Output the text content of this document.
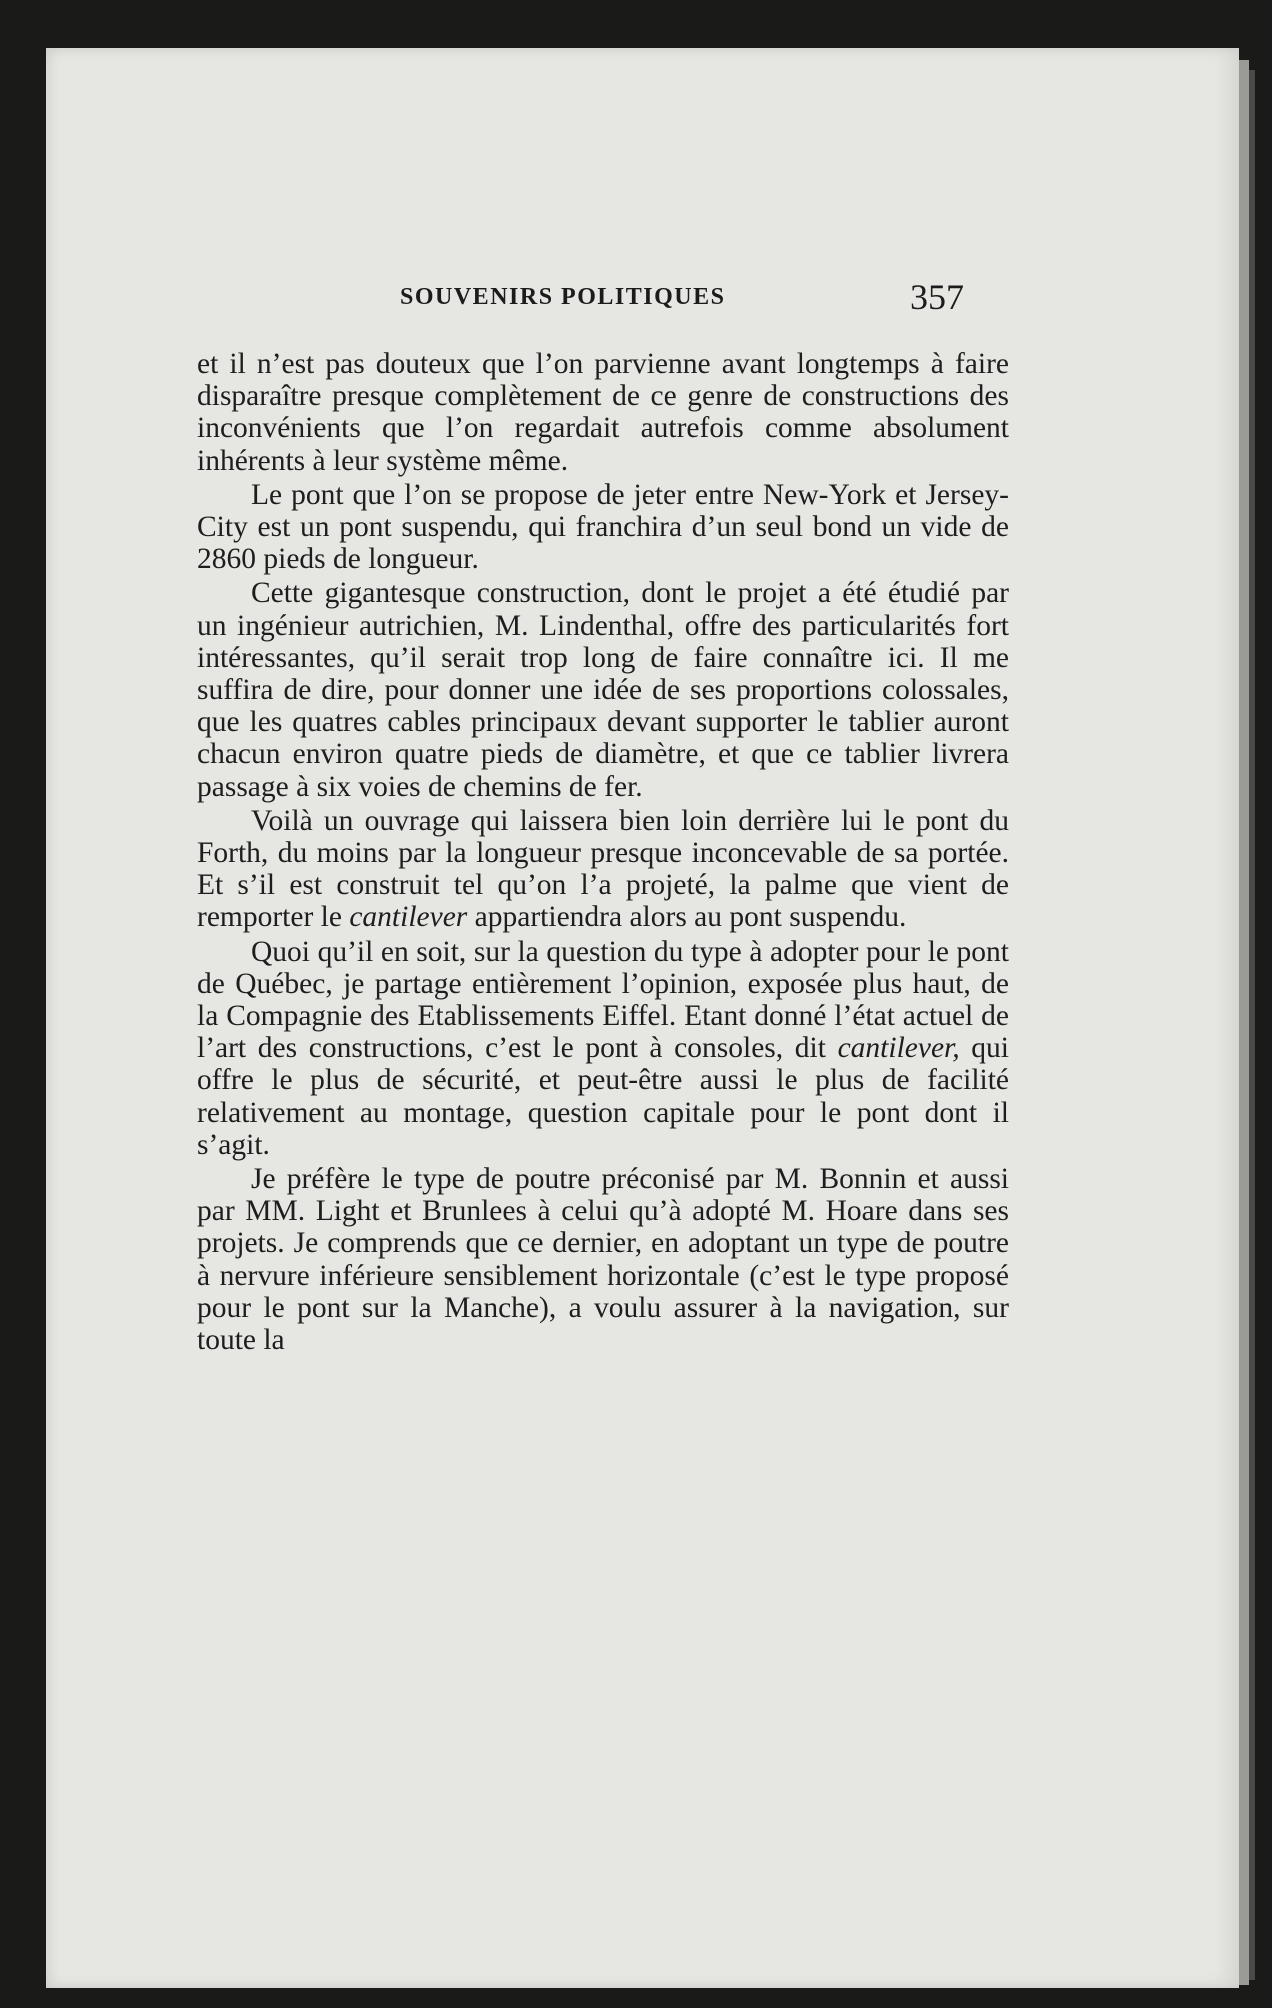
SOUVENIRS POLITIQUES	357

et il n’est pas douteux que l’on parvienne avant longtemps à faire disparaître presque complètement de ce genre de constructions des inconvénients que l’on regardait autrefois comme absolument inhérents à leur système même.

Le pont que l’on se propose de jeter entre New-York et Jersey-City est un pont suspendu, qui franchira d’un seul bond un vide de 2860 pieds de longueur.

Cette gigantesque construction, dont le projet a été étudié par un ingénieur autrichien, M. Lindenthal, offre des particularités fort intéressantes, qu’il serait trop long de faire connaître ici. Il me suffira de dire, pour donner une idée de ses proportions colossales, que les quatres cables principaux devant supporter le tablier auront chacun environ quatre pieds de diamètre, et que ce tablier livrera passage à six voies de chemins de fer.

Voilà un ouvrage qui laissera bien loin derrière lui le pont du Forth, du moins par la longueur presque inconcevable de sa portée. Et s’il est construit tel qu’on l’a projeté, la palme que vient de remporter le cantilever appartiendra alors au pont suspendu.

Quoi qu’il en soit, sur la question du type à adopter pour le pont de Québec, je partage entièrement l’opinion, exposée plus haut, de la Compagnie des Etablissements Eiffel. Etant donné l’état actuel de l’art des constructions, c’est le pont à consoles, dit cantilever, qui offre le plus de sécurité, et peut-être aussi le plus de facilité relativement au montage, question capitale pour le pont dont il s’agit.

Je préfère le type de poutre préconisé par M. Bonnin et aussi par MM. Light et Brunlees à celui qu’à adopté M. Hoare dans ses projets. Je comprends que ce dernier, en adoptant un type de poutre à nervure inférieure sensiblement horizontale (c’est le type proposé pour le pont sur la Manche), a voulu assurer à la navigation, sur toute la
